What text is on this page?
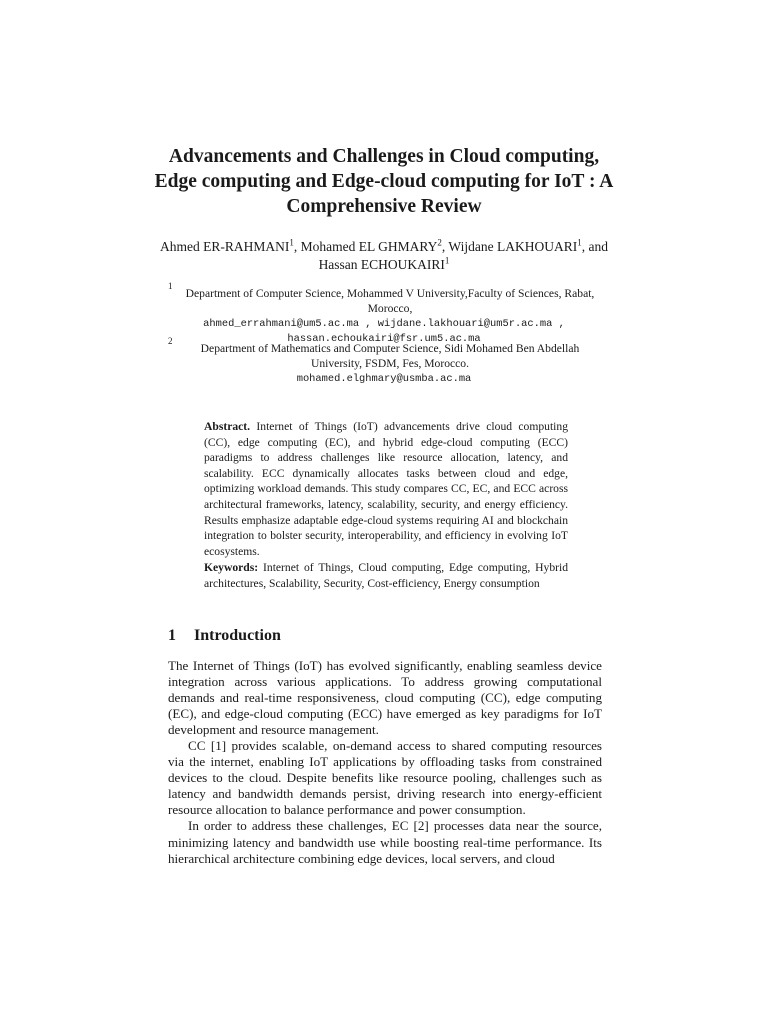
Advancements and Challenges in Cloud computing, Edge computing and Edge-cloud computing for IoT : A Comprehensive Review
Ahmed ER-RAHMANI$^1$, Mohamed EL GHMARY$^2$, Wijdane LAKHOUARI$^1$, and Hassan ECHOUKAIRI$^1$
1
Department of Computer Science, Mohammed V University,Faculty of Sciences, Rabat, Morocco,
ahmed_errahmani@um5.ac.ma , wijdane.lakhouari@um5r.ac.ma ,
hassan.echoukairi@fsr.um5.ac.ma
2
Department of Mathematics and Computer Science, Sidi Mohamed Ben Abdellah University, FSDM, Fes, Morocco.
mohamed.elghmary@usmba.ac.ma
Abstract. Internet of Things (IoT) advancements drive cloud computing (CC), edge computing (EC), and hybrid edge-cloud computing (ECC) paradigms to address challenges like resource allocation, latency, and scalability. ECC dynamically allocates tasks between cloud and edge, optimizing workload demands. This study compares CC, EC, and ECC across architectural frameworks, latency, scalability, security, and energy efficiency. Results emphasize adaptable edge-cloud systems requiring AI and blockchain integration to bolster security, interoperability, and efficiency in evolving IoT ecosystems.
Keywords: Internet of Things, Cloud computing, Edge computing, Hybrid architectures, Scalability, Security, Cost-efficiency, Energy consumption
1 Introduction

The Internet of Things (IoT) has evolved significantly, enabling seamless device integration across various applications. To address growing computational demands and real-time responsiveness, cloud computing (CC), edge computing (EC), and edge-cloud computing (ECC) have emerged as key paradigms for IoT development and resource management.

CC [1] provides scalable, on-demand access to shared computing resources via the internet, enabling IoT applications by offloading tasks from constrained devices to the cloud. Despite benefits like resource pooling, challenges such as latency and bandwidth demands persist, driving research into energy-efficient resource allocation to balance performance and power consumption.

In order to address these challenges, EC [2] processes data near the source, minimizing latency and bandwidth use while boosting real-time performance. Its hierarchical architecture combining edge devices, local servers, and cloud
